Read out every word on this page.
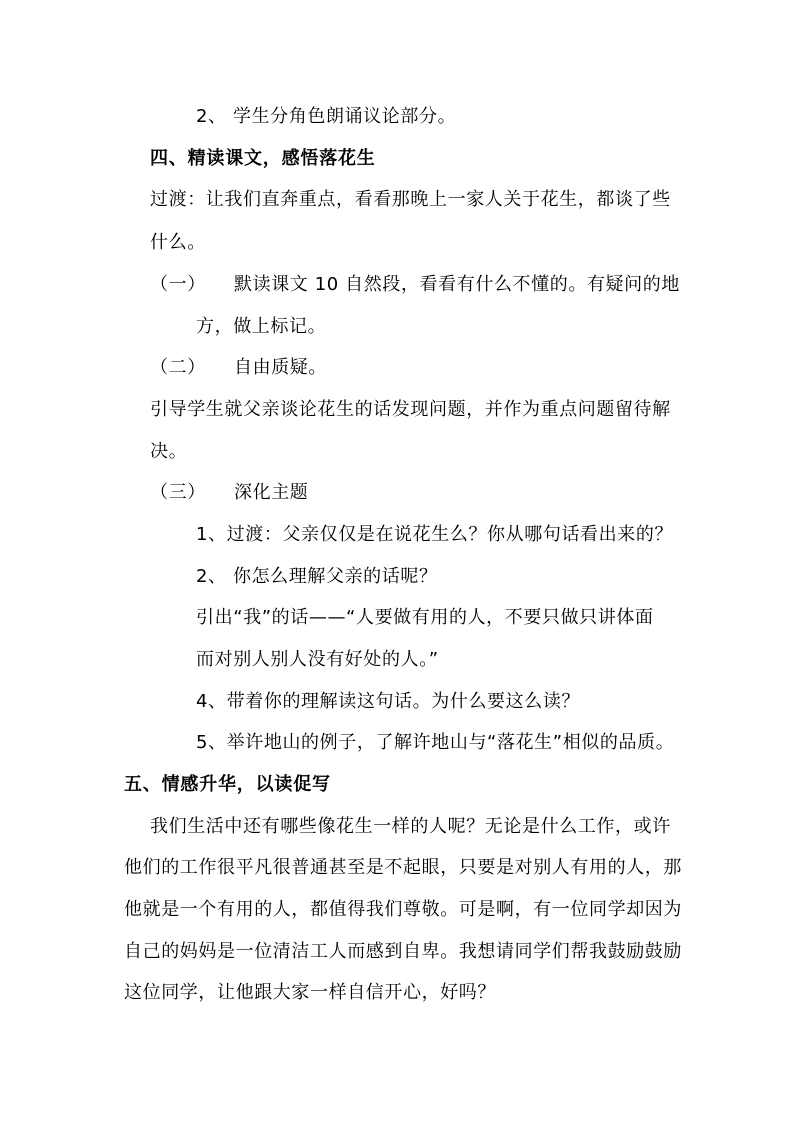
2、 学生分角色朗诵议论部分。
四、精读课文，感悟落花生
过渡：让我们直奔重点，看看那晚上一家人关于花生，都谈了些
什么。
（一） 默读课文 10 自然段，看看有什么不懂的。有疑问的地
方，做上标记。
（二） 自由质疑。
引导学生就父亲谈论花生的话发现问题，并作为重点问题留待解
决。
（三） 深化主题
1、过渡：父亲仅仅是在说花生么？你从哪句话看出来的？
2、 你怎么理解父亲的话呢？
引出“我”的话——“人要做有用的人，不要只做只讲体面
而对别人别人没有好处的人。”
4、带着你的理解读这句话。为什么要这么读？
5、举许地山的例子，了解许地山与“落花生”相似的品质。
五、情感升华，以读促写
我们生活中还有哪些像花生一样的人呢？无论是什么工作，或许
他们的工作很平凡很普通甚至是不起眼，只要是对别人有用的人，那
他就是一个有用的人，都值得我们尊敬。可是啊，有一位同学却因为
自己的妈妈是一位清洁工人而感到自卑。我想请同学们帮我鼓励鼓励
这位同学，让他跟大家一样自信开心，好吗？
